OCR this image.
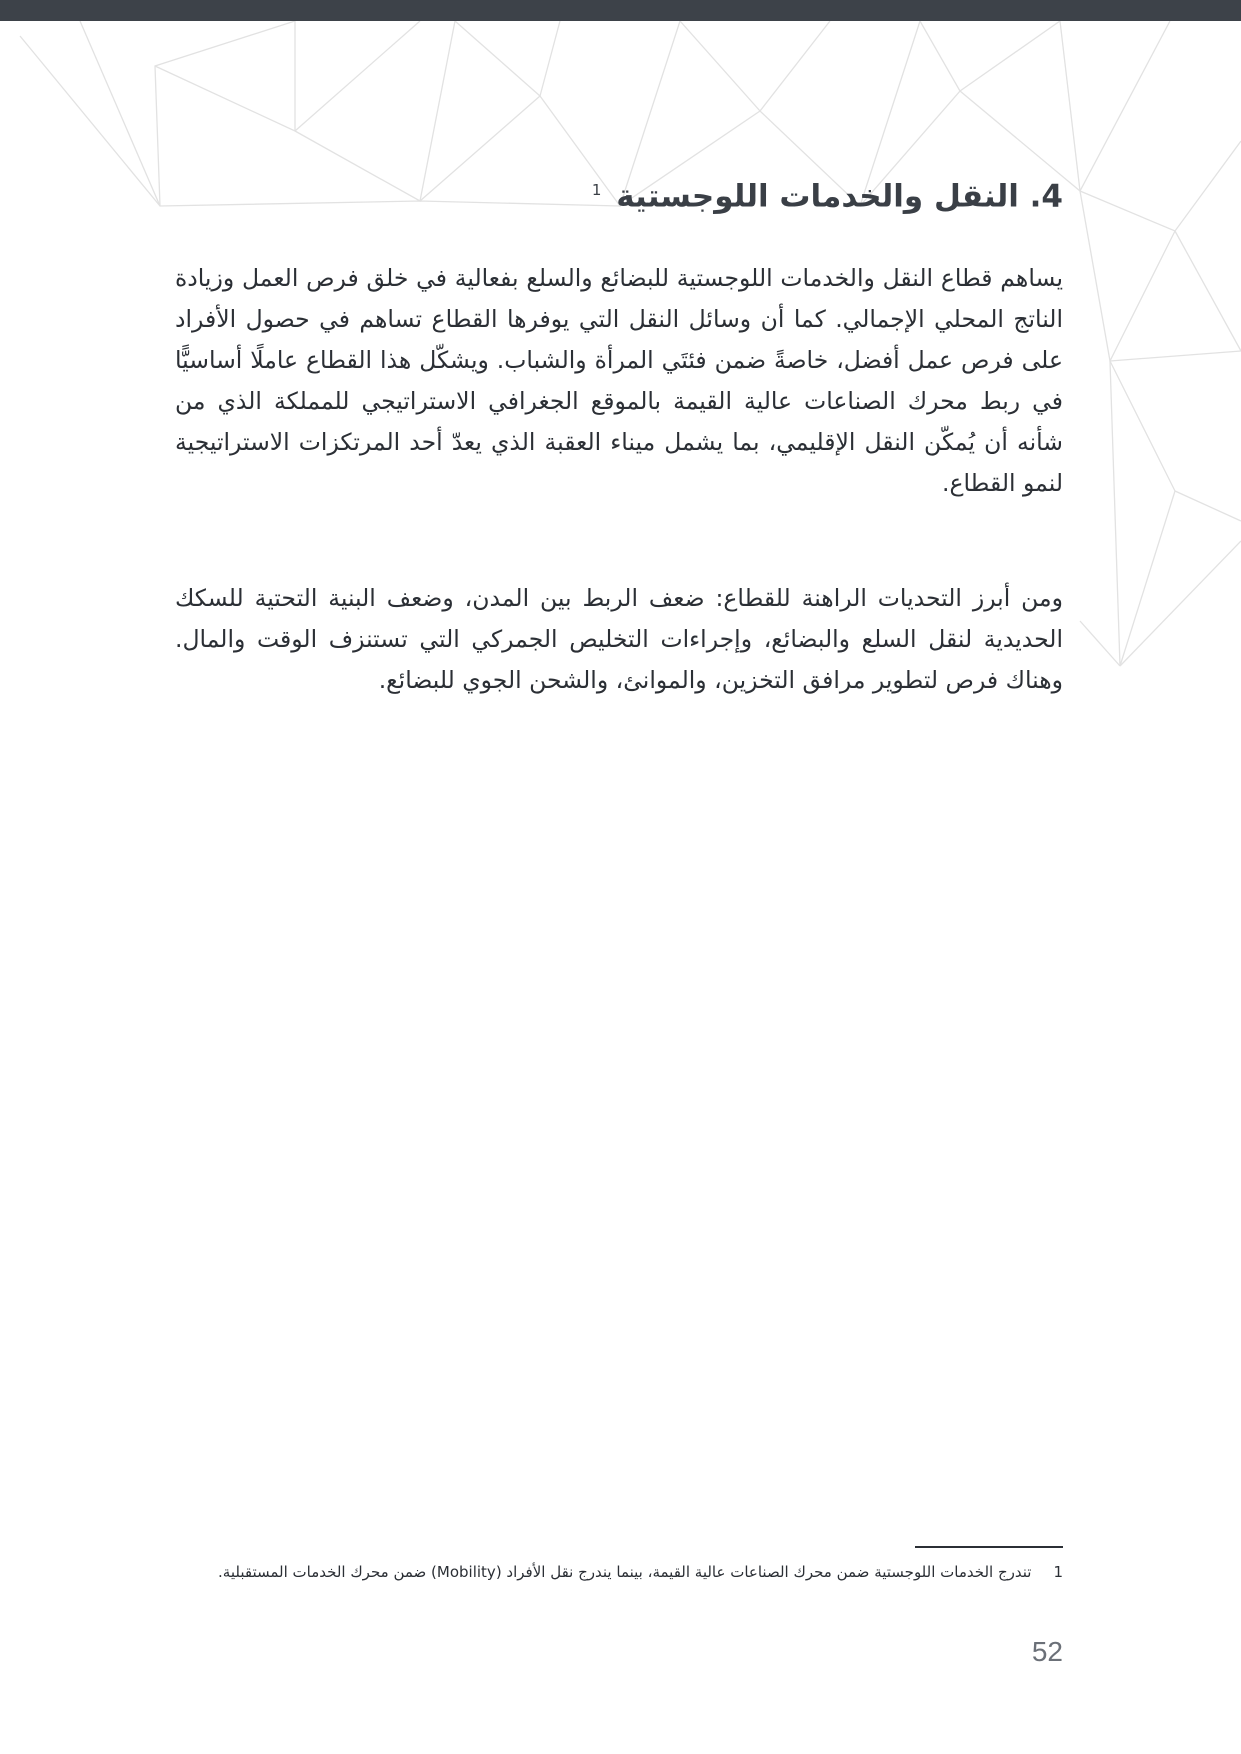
4. النقل والخدمات اللوجستية $^1$

يساهم قطاع النقل والخدمات اللوجستية للبضائع والسلع بفعالية في خلق فرص العمل وزيادة الناتج المحلي الإجمالي. كما أن وسائل النقل التي يوفرها القطاع تساهم في حصول الأفراد على فرص عمل أفضل، خاصةً ضمن فئتَي المرأة والشباب. ويشكّل هذا القطاع عاملًا أساسيًّا في ربط محرك الصناعات عالية القيمة بالموقع الجغرافي الاستراتيجي للمملكة الذي من شأنه أن يُمكّن النقل الإقليمي، بما يشمل ميناء العقبة الذي يعدّ أحد المرتكزات الاستراتيجية لنمو القطاع.

ومن أبرز التحديات الراهنة للقطاع: ضعف الربط بين المدن، وضعف البنية التحتية للسكك الحديدية لنقل السلع والبضائع، وإجراءات التخليص الجمركي التي تستنزف الوقت والمال. وهناك فرص لتطوير مرافق التخزين، والموانئ، والشحن الجوي للبضائع.

1
تندرج الخدمات اللوجستية ضمن محرك الصناعات عالية القيمة، بينما يندرج نقل الأفراد (Mobility) ضمن محرك الخدمات المستقبلية.
52
